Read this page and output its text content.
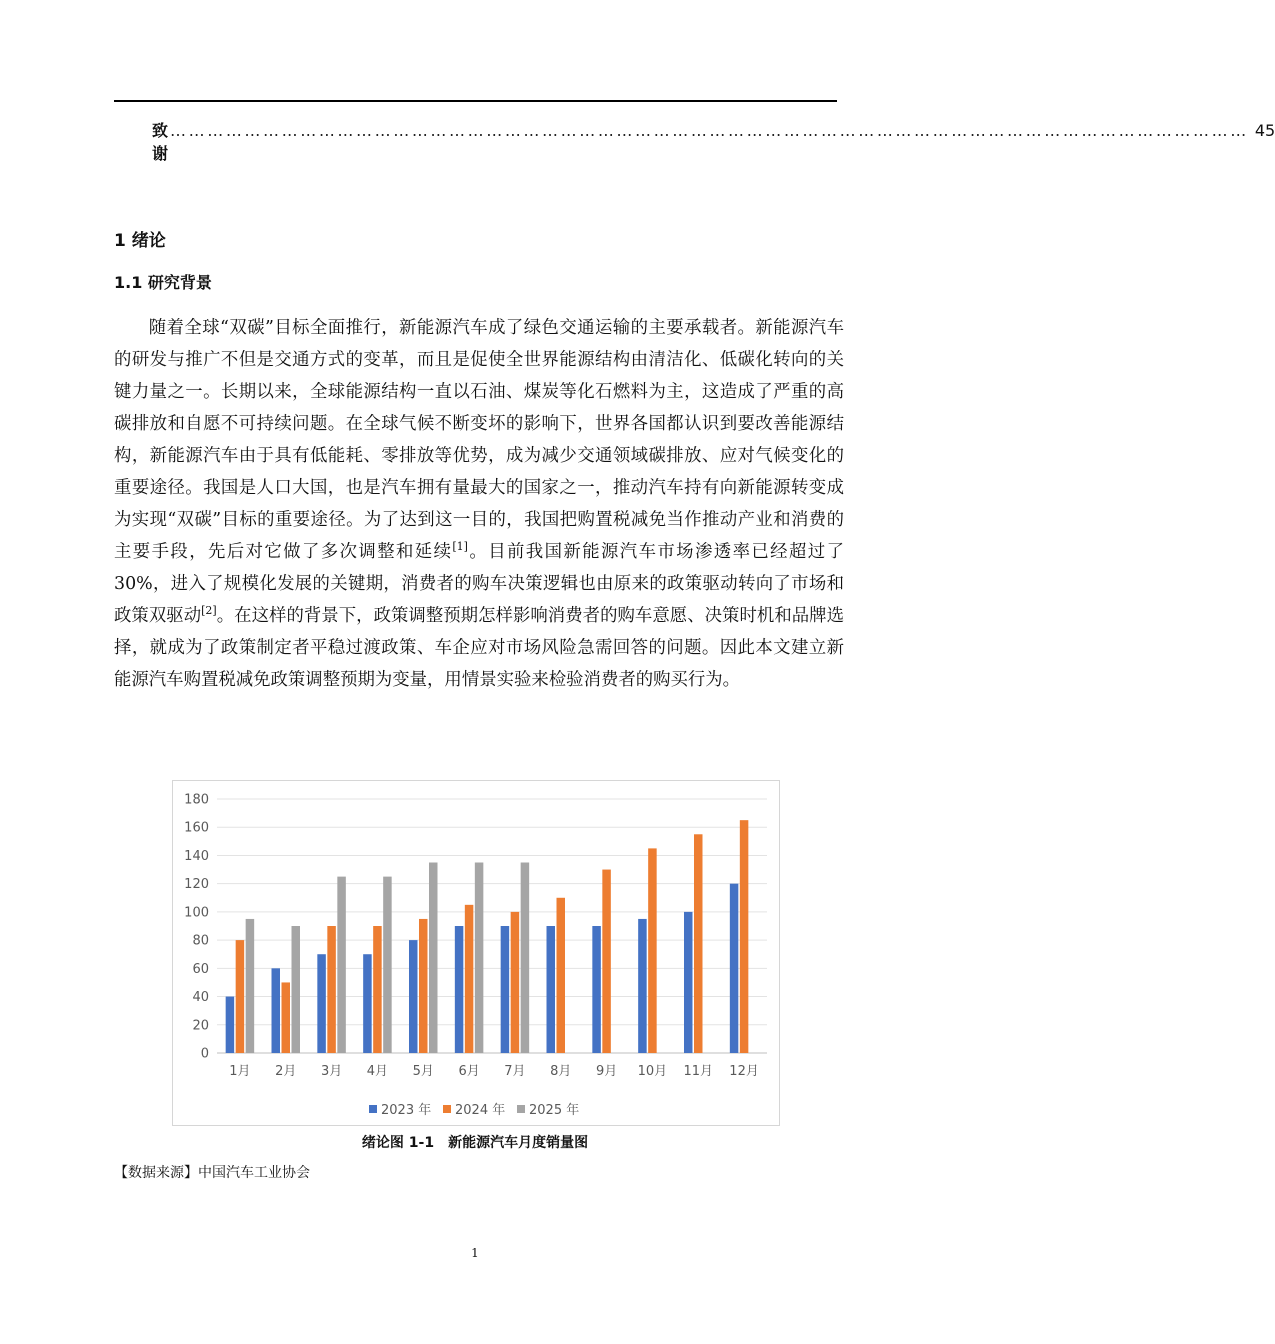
致谢
………………………………………………………………………………………………………………………………………………………… 45
1 绪论
1.1 研究背景

随着全球“双碳”目标全面推行，新能源汽车成了绿色交通运输的主要承载者。新能源汽车的研发与推广不但是交通方式的变革，而且是促使全世界能源结构由清洁化、低碳化转向的关键力量之一。长期以来，全球能源结构一直以石油、煤炭等化石燃料为主，这造成了严重的高碳排放和自愿不可持续问题。在全球气候不断变坏的影响下，世界各国都认识到要改善能源结构，新能源汽车由于具有低能耗、零排放等优势，成为减少交通领域碳排放、应对气候变化的重要途径。我国是人口大国，也是汽车拥有量最大的国家之一，推动汽车持有向新能源转变成为实现“双碳”目标的重要途径。为了达到这一目的，我国把购置税减免当作推动产业和消费的主要手段，先后对它做了多次调整和延续[1]。目前我国新能源汽车市场渗透率已经超过了30%，进入了规模化发展的关键期，消费者的购车决策逻辑也由原来的政策驱动转向了市场和政策双驱动[2]。在这样的背景下，政策调整预期怎样影响消费者的购车意愿、决策时机和品牌选择，就成为了政策制定者平稳过渡政策、车企应对市场风险急需回答的问题。因此本文建立新能源汽车购置税减免政策调整预期为变量，用情景实验来检验消费者的购买行为。

0
20
40
60
80
100
120
140
160
180
1月 2月 3月 4月 5月 6月 7月 8月 9月 10月 11月 12月
2023 年 2024 年 2025 年
绪论图 1-1　新能源汽车月度销量图
【数据来源】中国汽车工业协会
1
